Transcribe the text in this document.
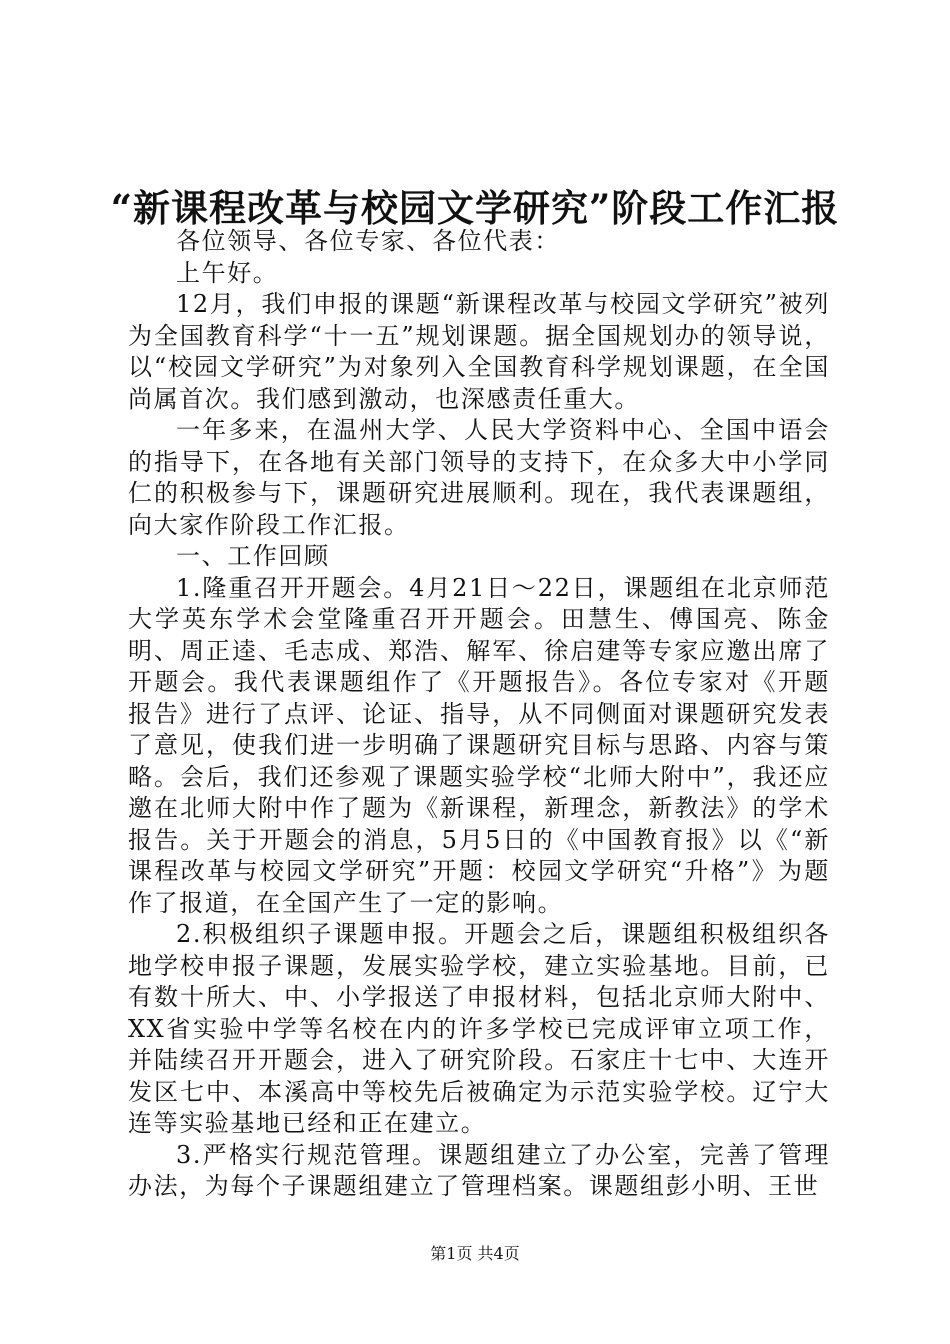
“新课程改革与校园文学研究”阶段工作汇报

各位领导、各位专家、各位代表：

上午好。

12月，我们申报的课题“新课程改革与校园文学研究”被列为全国教育科学“十一五”规划课题。据全国规划办的领导说，以“校园文学研究”为对象列入全国教育科学规划课题，在全国尚属首次。我们感到激动，也深感责任重大。

一年多来，在温州大学、人民大学资料中心、全国中语会的指导下，在各地有关部门领导的支持下，在众多大中小学同仁的积极参与下，课题研究进展顺利。现在，我代表课题组，向大家作阶段工作汇报。

一、工作回顾

1.隆重召开开题会。4月21日～22日，课题组在北京师范大学英东学术会堂隆重召开开题会。田慧生、傅国亮、陈金明、周正逵、毛志成、郑浩、解军、徐启建等专家应邀出席了开题会。我代表课题组作了《开题报告》。各位专家对《开题报告》进行了点评、论证、指导，从不同侧面对课题研究发表了意见，使我们进一步明确了课题研究目标与思路、内容与策略。会后，我们还参观了课题实验学校“北师大附中”，我还应邀在北师大附中作了题为《新课程，新理念，新教法》的学术报告。关于开题会的消息，5月5日的《中国教育报》以《“新课程改革与校园文学研究”开题：校园文学研究“升格”》为题作了报道，在全国产生了一定的影响。

2.积极组织子课题申报。开题会之后，课题组积极组织各地学校申报子课题，发展实验学校，建立实验基地。目前，已有数十所大、中、小学报送了申报材料，包括北京师大附中、XX省实验中学等名校在内的许多学校已完成评审立项工作，并陆续召开开题会，进入了研究阶段。石家庄十七中、大连开发区七中、本溪高中等校先后被确定为示范实验学校。辽宁大连等实验基地已经和正在建立。

3.严格实行规范管理。课题组建立了办公室，完善了管理办法，为每个子课题组建立了管理档案。课题组彭小明、王世

第1页 共4页
